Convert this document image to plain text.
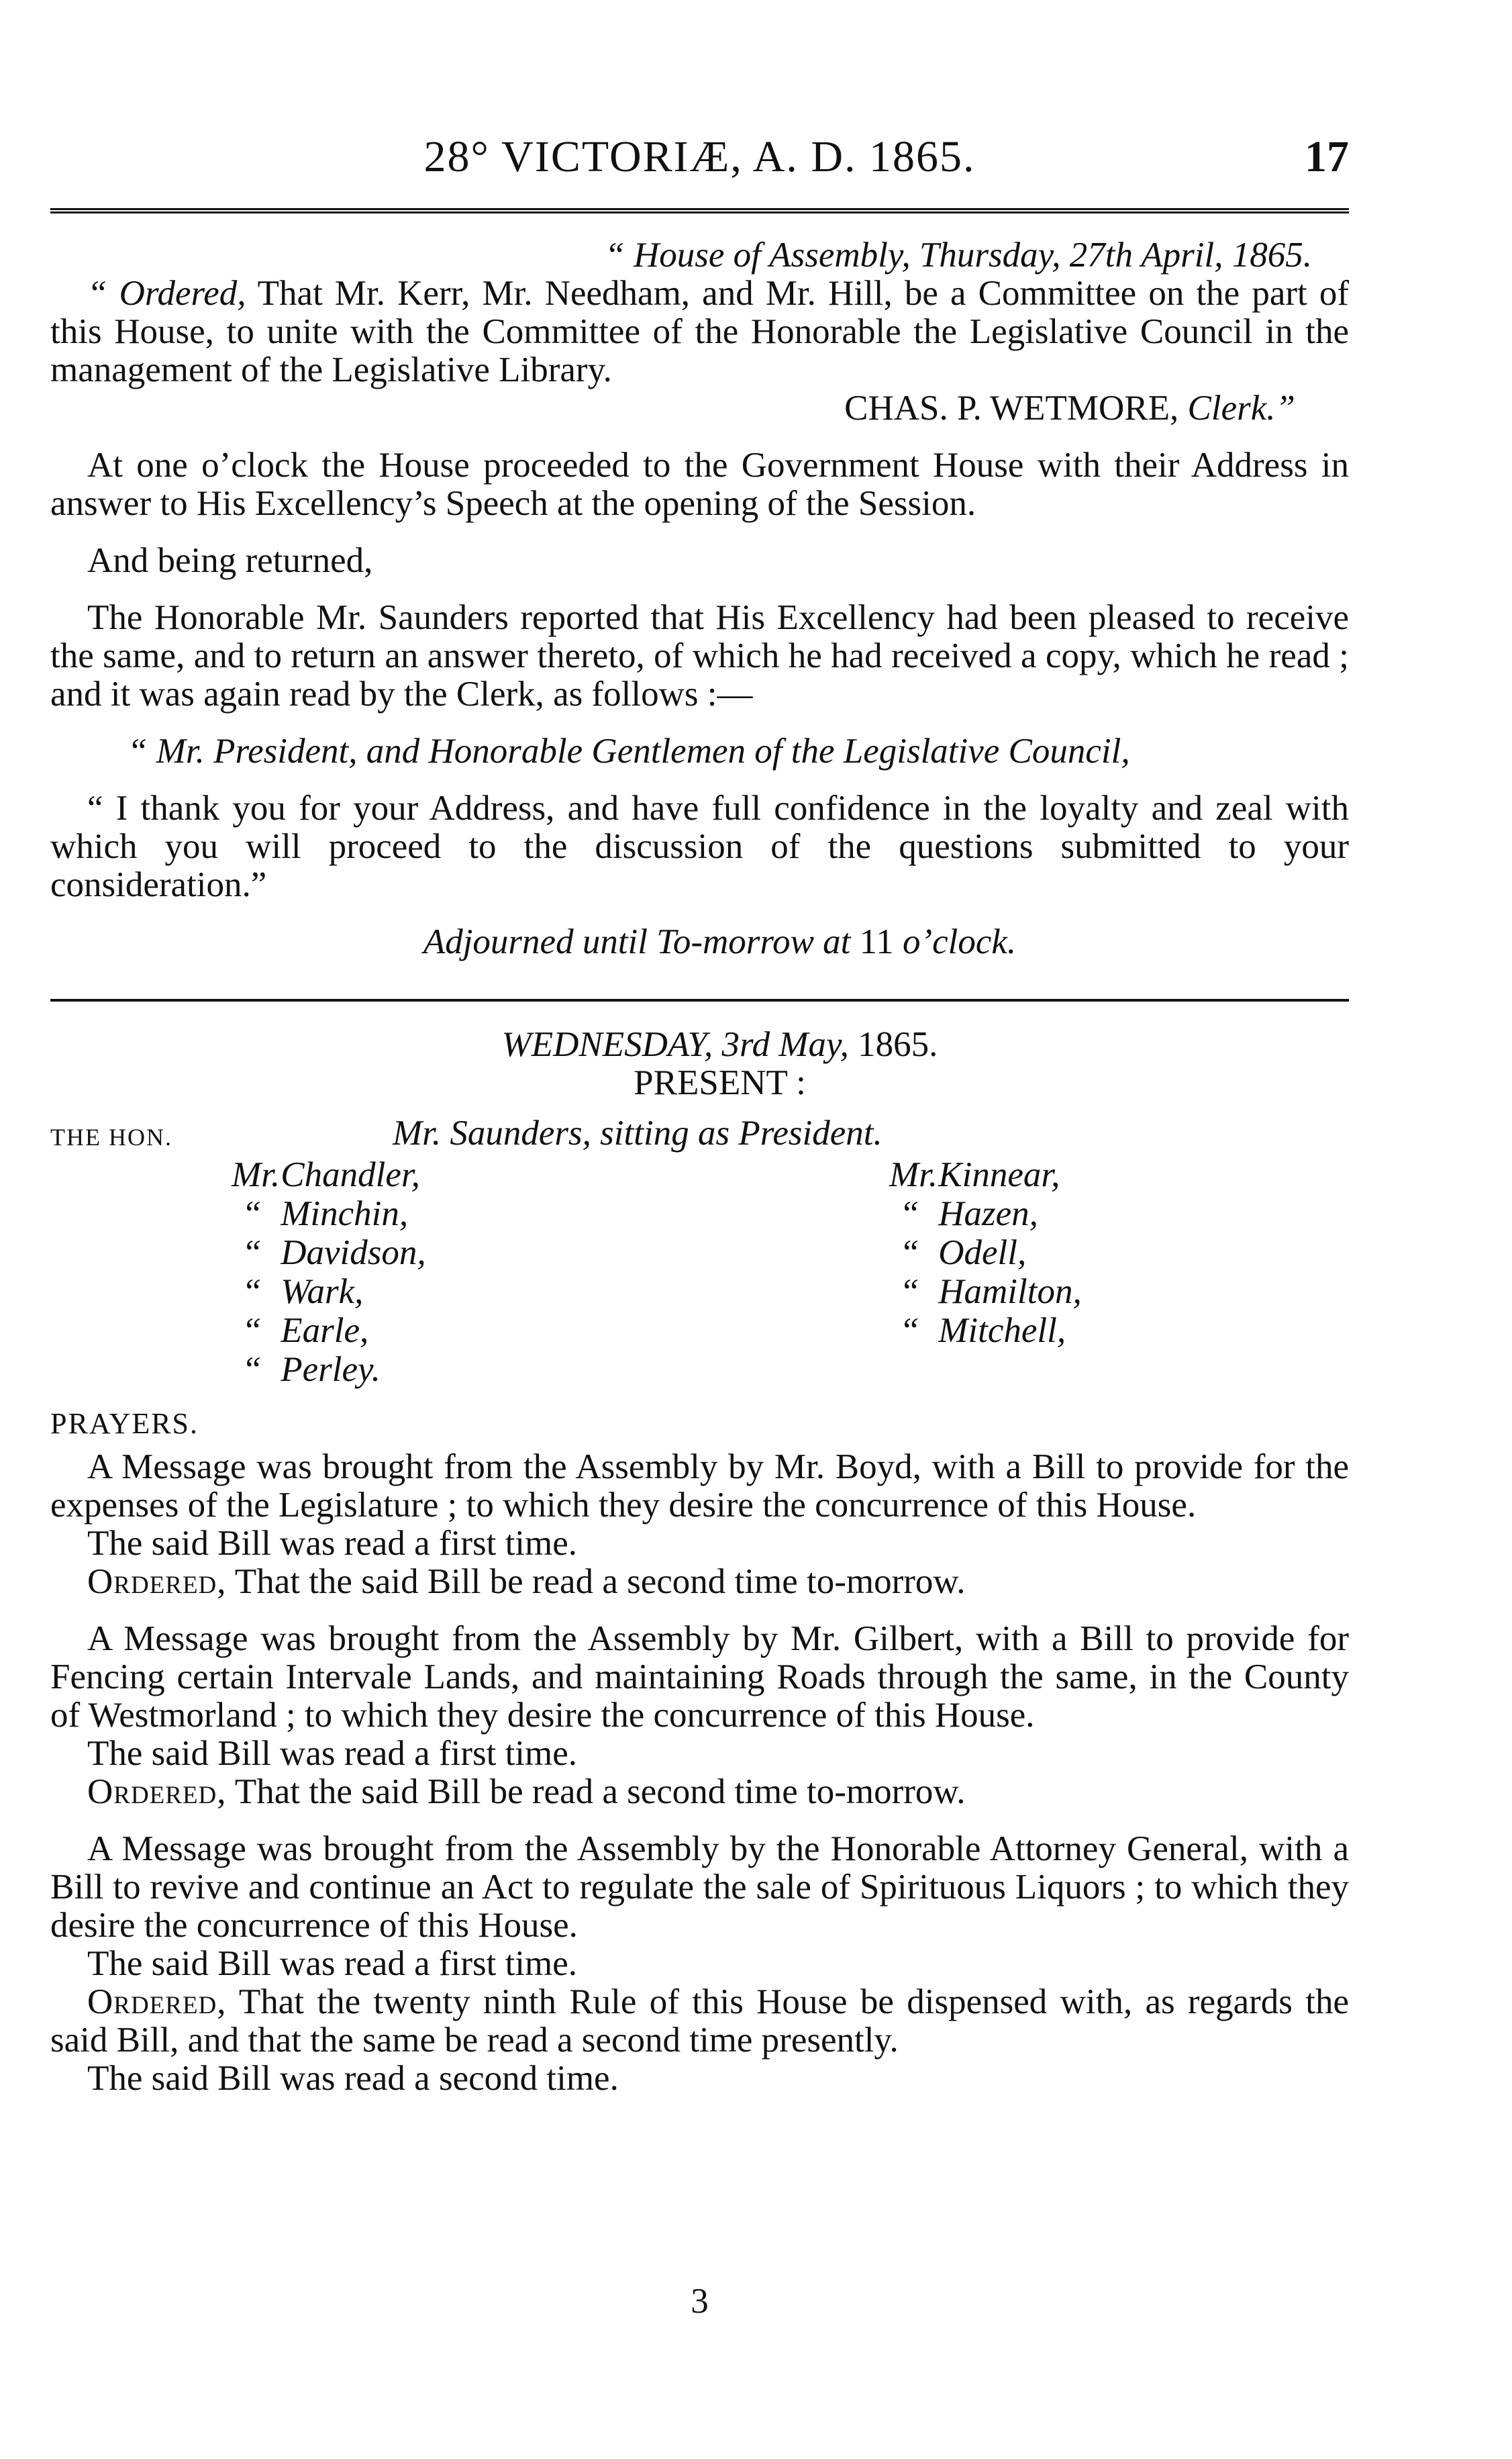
28° VICTORIÆ, A. D. 1865.	17

“ House of Assembly, Thursday, 27th April, 1865.

“ Ordered, That Mr. Kerr, Mr. Needham, and Mr. Hill, be a Committee on the part of this House, to unite with the Committee of the Honorable the Legislative Council in the management of the Legislative Library.

CHAS. P. WETMORE, Clerk.”

At one o’clock the House proceeded to the Government House with their Address in answer to His Excellency’s Speech at the opening of the Session.

And being returned,

The Honorable Mr. Saunders reported that His Excellency had been pleased to receive the same, and to return an answer thereto, of which he had received a copy, which he read ; and it was again read by the Clerk, as follows :—

“ Mr. President, and Honorable Gentlemen of the Legislative Council,

“ I thank you for your Address, and have full confidence in the loyalty and zeal with which you will proceed to the discussion of the questions submitted to your consideration.”

Adjourned until To-morrow at 11 o’clock.

WEDNESDAY, 3rd May, 1865.

PRESENT :

THE HON.	Mr. Saunders, sitting as President.
Mr. Chandler,
“ Minchin,
“ Davidson,
“ Wark,
“ Earle,
“ Perley.
Mr. Kinnear,
“ Hazen,
“ Odell,
“ Hamilton,
“ Mitchell,

PRAYERS.

A Message was brought from the Assembly by Mr. Boyd, with a Bill to provide for the expenses of the Legislature ; to which they desire the concurrence of this House.

The said Bill was read a first time.

Ordered, That the said Bill be read a second time to-morrow.

A Message was brought from the Assembly by Mr. Gilbert, with a Bill to provide for Fencing certain Intervale Lands, and maintaining Roads through the same, in the County of Westmorland ; to which they desire the concurrence of this House.

The said Bill was read a first time.

Ordered, That the said Bill be read a second time to-morrow.

A Message was brought from the Assembly by the Honorable Attorney General, with a Bill to revive and continue an Act to regulate the sale of Spirituous Liquors ; to which they desire the concurrence of this House.

The said Bill was read a first time.

Ordered, That the twenty ninth Rule of this House be dispensed with, as regards the said Bill, and that the same be read a second time presently.

The said Bill was read a second time.

3
